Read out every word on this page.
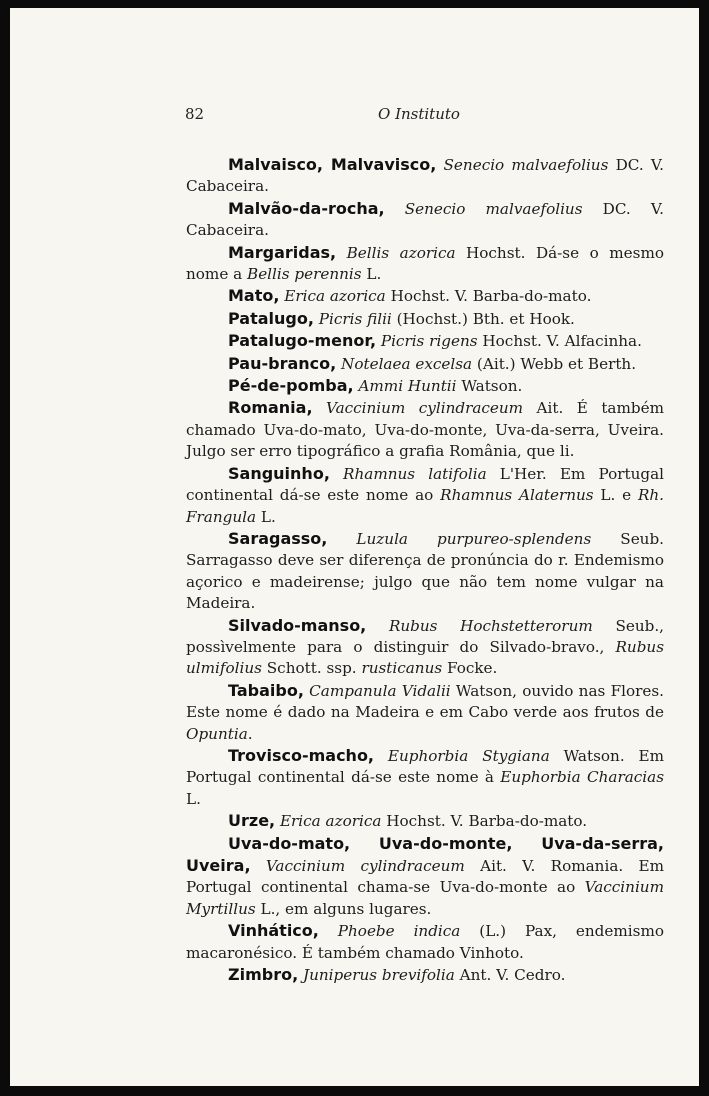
82	O Instituto

Malvaisco, Malvavisco, Senecio malvaefolius DC. V. Cabaceira.

Malvão-da-rocha, Senecio malvaefolius DC. V. Cabaceira.

Margaridas, Bellis azorica Hochst. Dá-se o mesmo nome a Bellis perennis L.

Mato, Erica azorica Hochst. V. Barba-do-mato.

Patalugo, Picris filii (Hochst.) Bth. et Hook.

Patalugo-menor, Picris rigens Hochst. V. Alfacinha.

Pau-branco, Notelaea excelsa (Ait.) Webb et Berth.

Pé-de-pomba, Ammi Huntii Watson.

Romania, Vaccinium cylindraceum Ait. É também chamado Uva-do-mato, Uva-do-monte, Uva-da-serra, Uveira. Julgo ser erro tipográfico a grafia România, que li.

Sanguinho, Rhamnus latifolia L'Her. Em Portugal continental dá-se este nome ao Rhamnus Alaternus L. e Rh. Frangula L.

Saragasso, Luzula purpureo-splendens Seub. Sarragasso deve ser diferença de pronúncia do r. Endemismo açorico e madeirense; julgo que não tem nome vulgar na Madeira.

Silvado-manso, Rubus Hochstetterorum Seub., possìvelmente para o distinguir do Silvado-bravo., Rubus ulmifolius Schott. ssp. rusticanus Focke.

Tabaibo, Campanula Vidalii Watson, ouvido nas Flores. Este nome é dado na Madeira e em Cabo verde aos frutos de Opuntia.

Trovisco-macho, Euphorbia Stygiana Watson. Em Portugal continental dá-se este nome à Euphorbia Characias L.

Urze, Erica azorica Hochst. V. Barba-do-mato.

Uva-do-mato, Uva-do-monte, Uva-da-serra, Uveira, Vaccinium cylindraceum Ait. V. Romania. Em Portugal continental chama-se Uva-do-monte ao Vaccinium Myrtillus L., em alguns lugares.

Vinhático, Phoebe indica (L.) Pax, endemismo macaronésico. É também chamado Vinhoto.

Zimbro, Juniperus brevifolia Ant. V. Cedro.
